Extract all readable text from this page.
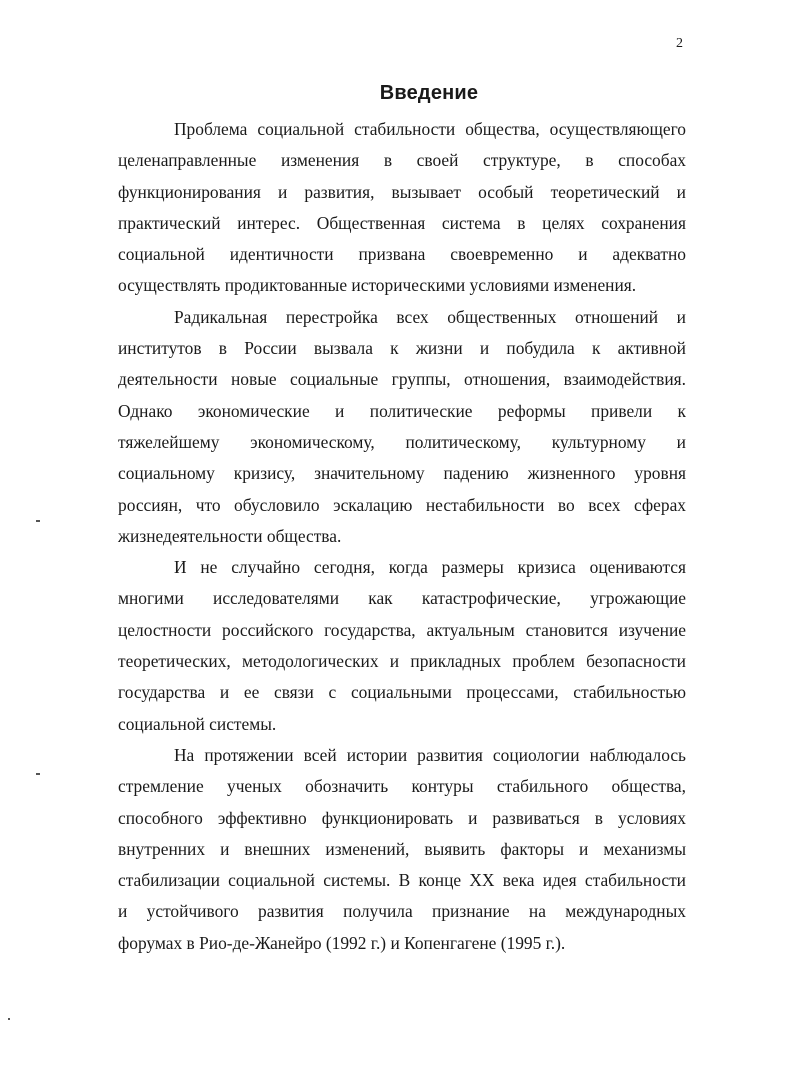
2
Введение

Проблема социальной стабильности общества, осуществляющего
целенаправленные изменения в своей структуре, в способах
функционирования и развития, вызывает особый теоретический и
практический интерес. Общественная система в целях сохранения
социальной идентичности призвана своевременно и адекватно
осуществлять продиктованные историческими условиями изменения.

Радикальная перестройка всех общественных отношений и
институтов в России вызвала к жизни и побудила к активной
деятельности новые социальные группы, отношения, взаимодействия.
Однако экономические и политические реформы привели к
тяжелейшему экономическому, политическому, культурному и
социальному кризису, значительному падению жизненного уровня
россиян, что обусловило эскалацию нестабильности во всех сферах
жизнедеятельности общества.

И не случайно сегодня, когда размеры кризиса оцениваются
многими исследователями как катастрофические, угрожающие
целостности российского государства, актуальным становится изучение
теоретических, методологических и прикладных проблем безопасности
государства и ее связи с социальными процессами, стабильностью
социальной системы.

На протяжении всей истории развития социологии наблюдалось
стремление ученых обозначить контуры стабильного общества,
способного эффективно функционировать и развиваться в условиях
внутренних и внешних изменений, выявить факторы и механизмы
стабилизации социальной системы. В конце XX века идея стабильности
и устойчивого развития получила признание на международных
форумах в Рио-де-Жанейро (1992 г.) и Копенгагене (1995 г.).
